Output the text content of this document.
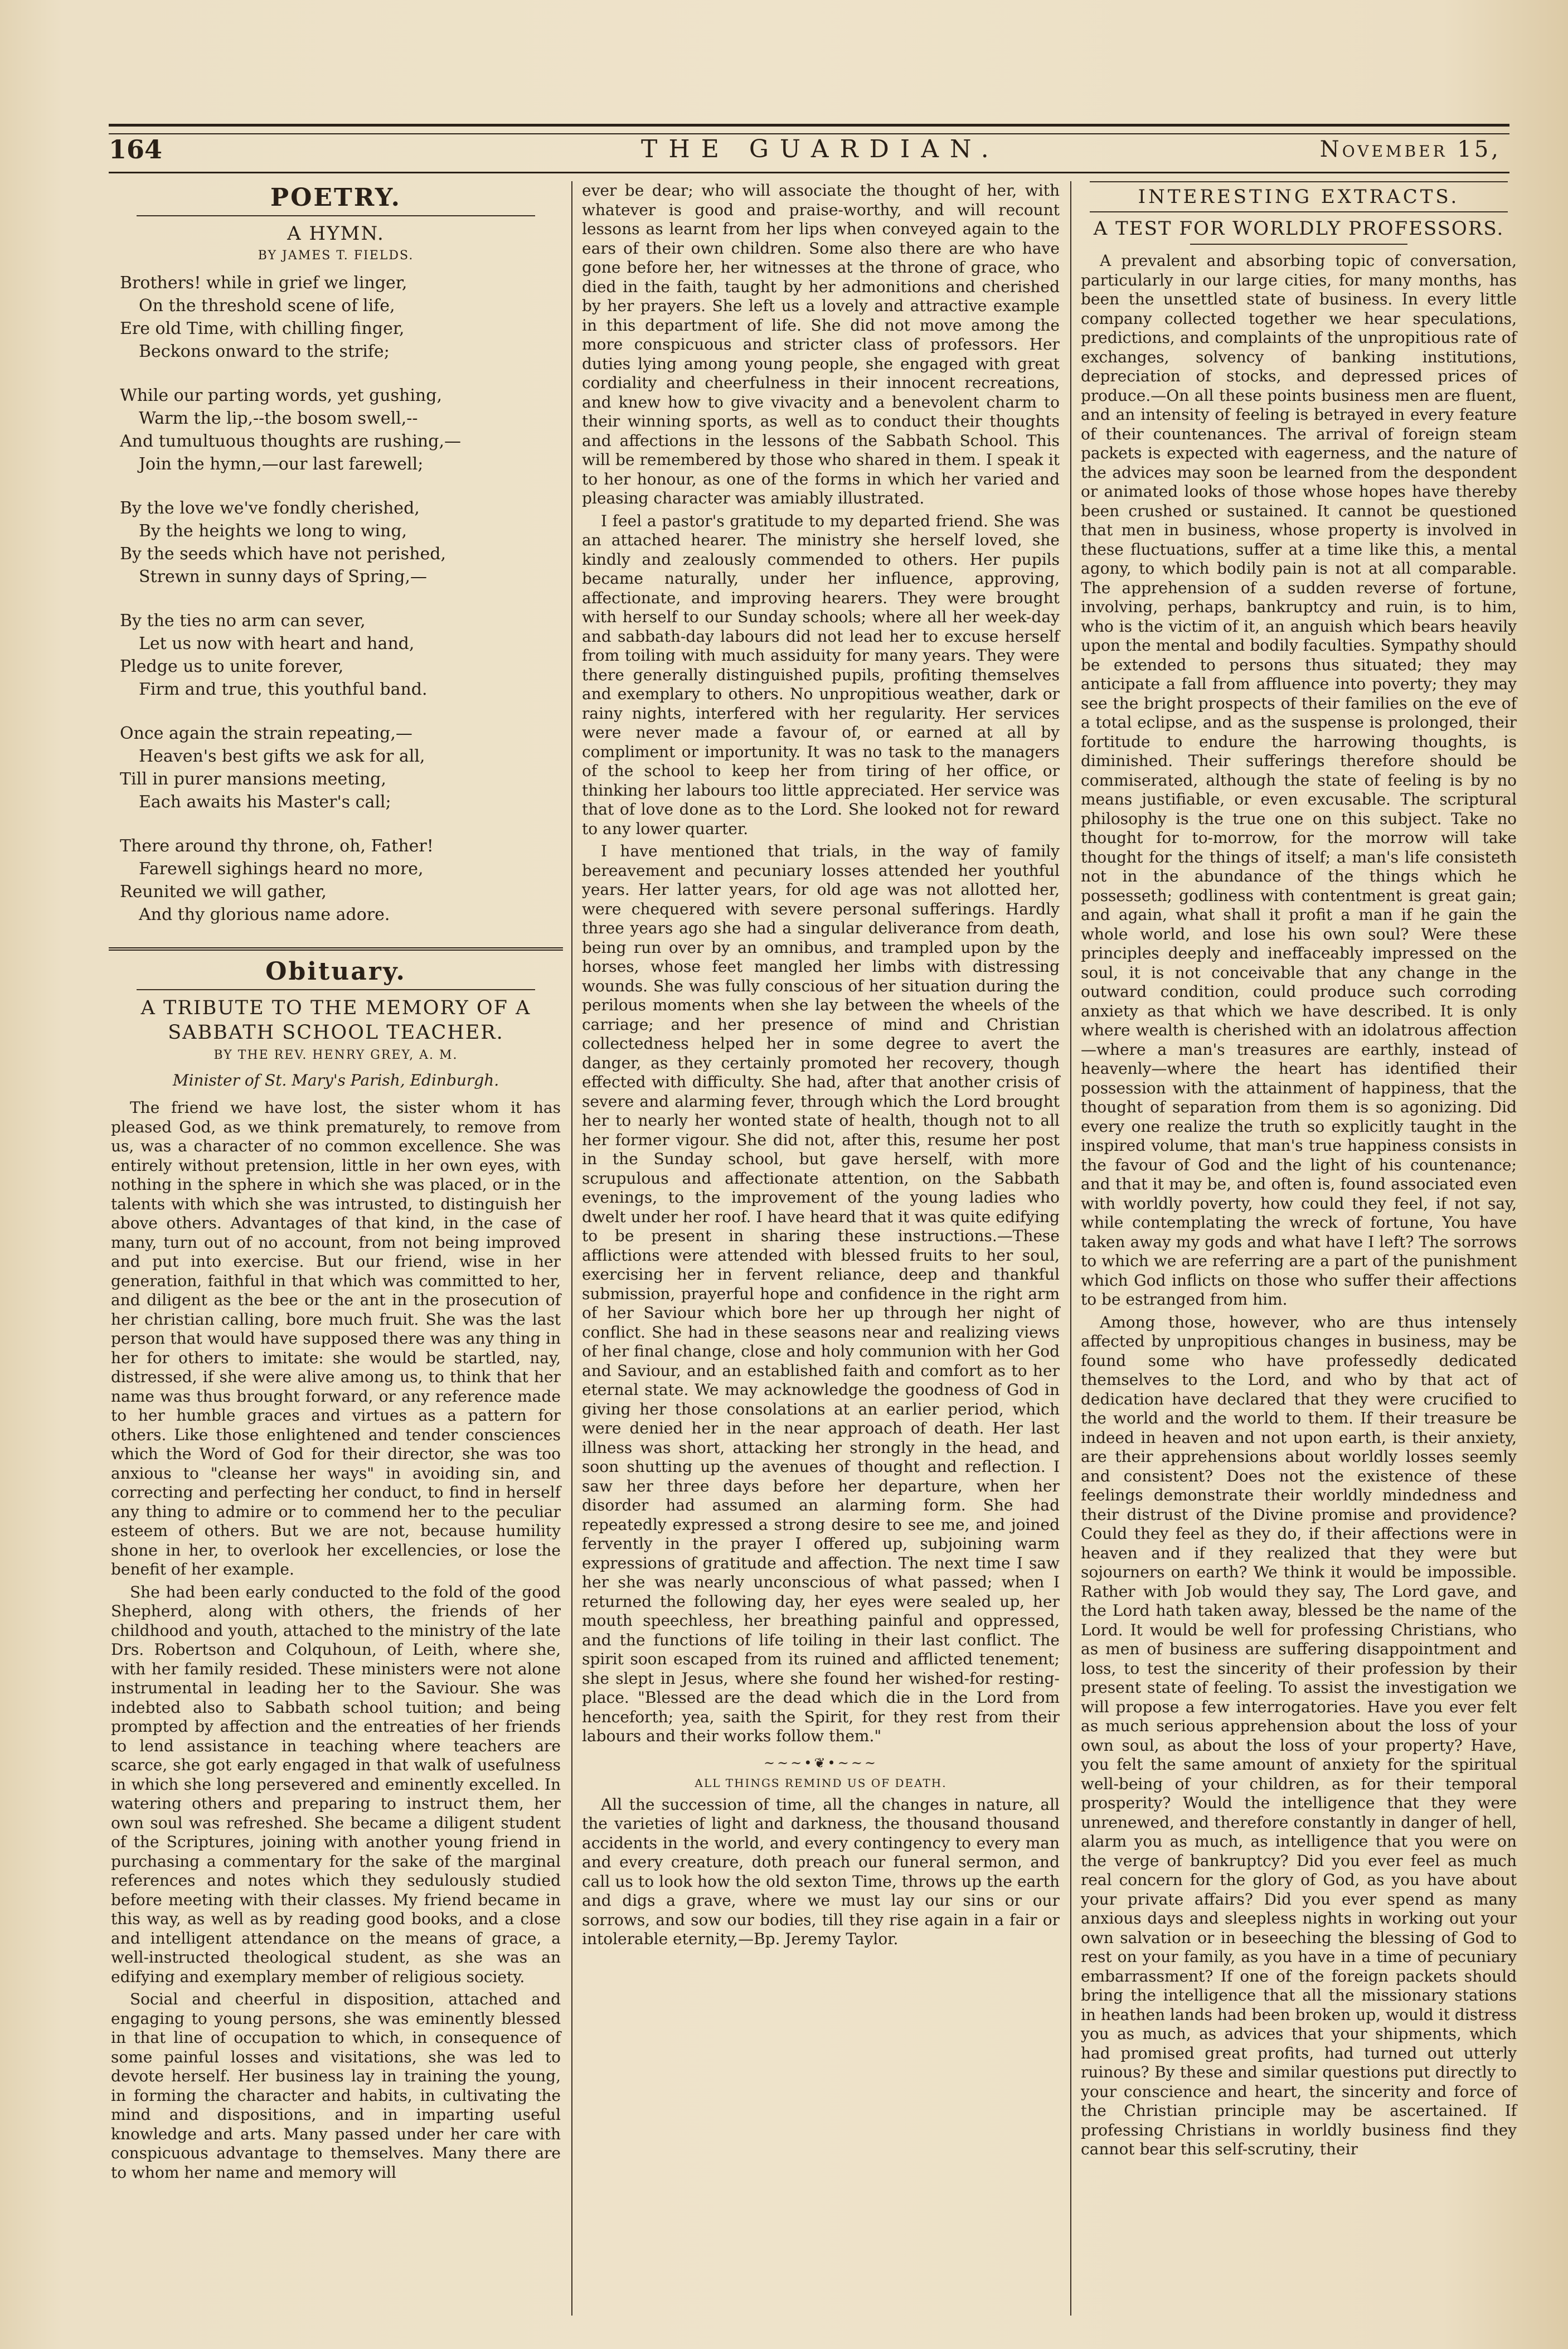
164	THE GUARDIAN.	November 15,
POETRY.
A HYMN.
BY JAMES T. FIELDS.

Brothers! while in grief we linger,

On the threshold scene of life,

Ere old Time, with chilling finger,

Beckons onward to the strife;

While our parting words, yet gushing,

Warm the lip,--the bosom swell,--

And tumultuous thoughts are rushing,—

Join the hymn,—our last farewell;

By the love we've fondly cherished,

By the heights we long to wing,

By the seeds which have not perished,

Strewn in sunny days of Spring,—

By the ties no arm can sever,

Let us now with heart and hand,

Pledge us to unite forever,

Firm and true, this youthful band.

Once again the strain repeating,—

Heaven's best gifts we ask for all,

Till in purer mansions meeting,

Each awaits his Master's call;

There around thy throne, oh, Father!

Farewell sighings heard no more,

Reunited we will gather,

And thy glorious name adore.

Obituary.
A TRIBUTE TO THE MEMORY OF A SABBATH SCHOOL TEACHER.
BY THE REV. HENRY GREY, A. M.
Minister of St. Mary's Parish, Edinburgh.

The friend we have lost, the sister whom it has pleased God, as we think prematurely, to remove from us, was a character of no common excellence. She was entirely without pretension, little in her own eyes, with nothing in the sphere in which she was placed, or in the talents with which she was intrusted, to distinguish her above others. Advantages of that kind, in the case of many, turn out of no account, from not being improved and put into exercise. But our friend, wise in her generation, faithful in that which was committed to her, and diligent as the bee or the ant in the prosecution of her christian calling, bore much fruit. She was the last person that would have supposed there was any thing in her for others to imitate: she would be startled, nay, distressed, if she were alive among us, to think that her name was thus brought forward, or any reference made to her humble graces and virtues as a pattern for others. Like those enlightened and tender consciences which the Word of God for their director, she was too anxious to "cleanse her ways" in avoiding sin, and correcting and perfecting her conduct, to find in herself any thing to admire or to commend her to the peculiar esteem of others. But we are not, because humility shone in her, to overlook her excellencies, or lose the benefit of her example.

She had been early conducted to the fold of the good Shepherd, along with others, the friends of her childhood and youth, attached to the ministry of the late Drs. Robertson and Colquhoun, of Leith, where she, with her family resided. These ministers were not alone instrumental in leading her to the Saviour. She was indebted also to Sabbath school tuition; and being prompted by affection and the entreaties of her friends to lend assistance in teaching where teachers are scarce, she got early engaged in that walk of usefulness in which she long persevered and eminently excelled. In watering others and preparing to instruct them, her own soul was refreshed. She became a diligent student of the Scriptures, joining with another young friend in purchasing a commentary for the sake of the marginal references and notes which they sedulously studied before meeting with their classes. My friend became in this way, as well as by reading good books, and a close and intelligent attendance on the means of grace, a well-instructed theological student, as she was an edifying and exemplary member of religious society.

Social and cheerful in disposition, attached and engaging to young persons, she was eminently blessed in that line of occupation to which, in consequence of some painful losses and visitations, she was led to devote herself. Her business lay in training the young, in forming the character and habits, in cultivating the mind and dispositions, and in imparting useful knowledge and arts. Many passed under her care with conspicuous advantage to themselves. Many there are to whom her name and memory will

ever be dear; who will associate the thought of her, with whatever is good and praise-worthy, and will recount lessons as learnt from her lips when conveyed again to the ears of their own children. Some also there are who have gone before her, her witnesses at the throne of grace, who died in the faith, taught by her admonitions and cherished by her prayers. She left us a lovely and attractive example in this department of life. She did not move among the more conspicuous and stricter class of professors. Her duties lying among young people, she engaged with great cordiality and cheerfulness in their innocent recreations, and knew how to give vivacity and a benevolent charm to their winning sports, as well as to conduct their thoughts and affections in the lessons of the Sabbath School. This will be remembered by those who shared in them. I speak it to her honour, as one of the forms in which her varied and pleasing character was amiably illustrated.

I feel a pastor's gratitude to my departed friend. She was an attached hearer. The ministry she herself loved, she kindly and zealously commended to others. Her pupils became naturally, under her influence, approving, affectionate, and improving hearers. They were brought with herself to our Sunday schools; where all her week-day and sabbath-day labours did not lead her to excuse herself from toiling with much assiduity for many years. They were there generally distinguished pupils, profiting themselves and exemplary to others. No unpropitious weather, dark or rainy nights, interfered with her regularity. Her services were never made a favour of, or earned at all by compliment or importunity. It was no task to the managers of the school to keep her from tiring of her office, or thinking her labours too little appreciated. Her service was that of love done as to the Lord. She looked not for reward to any lower quarter.

I have mentioned that trials, in the way of family bereavement and pecuniary losses attended her youthful years. Her latter years, for old age was not allotted her, were chequered with severe personal sufferings. Hardly three years ago she had a singular deliverance from death, being run over by an omnibus, and trampled upon by the horses, whose feet mangled her limbs with distressing wounds. She was fully conscious of her situation during the perilous moments when she lay between the wheels of the carriage; and her presence of mind and Christian collectedness helped her in some degree to avert the danger, as they certainly promoted her recovery, though effected with difficulty. She had, after that another crisis of severe and alarming fever, through which the Lord brought her to nearly her wonted state of health, though not to all her former vigour. She did not, after this, resume her post in the Sunday school, but gave herself, with more scrupulous and affectionate attention, on the Sabbath evenings, to the improvement of the young ladies who dwelt under her roof. I have heard that it was quite edifying to be present in sharing these instructions.—These afflictions were attended with blessed fruits to her soul, exercising her in fervent reliance, deep and thankful submission, prayerful hope and confidence in the right arm of her Saviour which bore her up through her night of conflict. She had in these seasons near and realizing views of her final change, close and holy communion with her God and Saviour, and an established faith and comfort as to her eternal state. We may acknowledge the goodness of God in giving her those consolations at an earlier period, which were denied her in the near approach of death. Her last illness was short, attacking her strongly in the head, and soon shutting up the avenues of thought and reflection. I saw her three days before her departure, when her disorder had assumed an alarming form. She had repeatedly expressed a strong desire to see me, and joined fervently in the prayer I offered up, subjoining warm expressions of gratitude and affection. The next time I saw her she was nearly unconscious of what passed; when I returned the following day, her eyes were sealed up, her mouth speechless, her breathing painful and oppressed, and the functions of life toiling in their last conflict. The spirit soon escaped from its ruined and afflicted tenement; she slept in Jesus, where she found her wished-for resting-place. "Blessed are the dead which die in the Lord from henceforth; yea, saith the Spirit, for they rest from their labours and their works follow them."

~~~•❦•~~~
ALL THINGS REMIND US OF DEATH.

All the succession of time, all the changes in nature, all the varieties of light and darkness, the thousand thousand accidents in the world, and every contingency to every man and every creature, doth preach our funeral sermon, and call us to look how the old sexton Time, throws up the earth and digs a grave, where we must lay our sins or our sorrows, and sow our bodies, till they rise again in a fair or intolerable eternity,—Bp. Jeremy Taylor.

INTERESTING EXTRACTS.
A TEST FOR WORLDLY PROFESSORS.

A prevalent and absorbing topic of conversation, particularly in our large cities, for many months, has been the unsettled state of business. In every little company collected together we hear speculations, predictions, and complaints of the unpropitious rate of exchanges, solvency of banking institutions, depreciation of stocks, and depressed prices of produce.—On all these points business men are fluent, and an intensity of feeling is betrayed in every feature of their countenances. The arrival of foreign steam packets is expected with eagerness, and the nature of the advices may soon be learned from the despondent or animated looks of those whose hopes have thereby been crushed or sustained. It cannot be questioned that men in business, whose property is involved in these fluctuations, suffer at a time like this, a mental agony, to which bodily pain is not at all comparable. The apprehension of a sudden reverse of fortune, involving, perhaps, bankruptcy and ruin, is to him, who is the victim of it, an anguish which bears heavily upon the mental and bodily faculties. Sympathy should be extended to persons thus situated; they may anticipate a fall from affluence into poverty; they may see the bright prospects of their families on the eve of a total eclipse, and as the suspense is prolonged, their fortitude to endure the harrowing thoughts, is diminished. Their sufferings therefore should be commiserated, although the state of feeling is by no means justifiable, or even excusable. The scriptural philosophy is the true one on this subject. Take no thought for to-morrow, for the morrow will take thought for the things of itself; a man's life consisteth not in the abundance of the things which he possesseth; godliness with contentment is great gain; and again, what shall it profit a man if he gain the whole world, and lose his own soul? Were these principles deeply and ineffaceably impressed on the soul, it is not conceivable that any change in the outward condition, could produce such corroding anxiety as that which we have described. It is only where wealth is cherished with an idolatrous affection—where a man's treasures are earthly, instead of heavenly—where the heart has identified their possession with the attainment of happiness, that the thought of separation from them is so agonizing. Did every one realize the truth so explicitly taught in the inspired volume, that man's true happiness consists in the favour of God and the light of his countenance; and that it may be, and often is, found associated even with worldly poverty, how could they feel, if not say, while contemplating the wreck of fortune, You have taken away my gods and what have I left? The sorrows to which we are referring are a part of the punishment which God inflicts on those who suffer their affections to be estranged from him.

Among those, however, who are thus intensely affected by unpropitious changes in business, may be found some who have professedly dedicated themselves to the Lord, and who by that act of dedication have declared that they were crucified to the world and the world to them. If their treasure be indeed in heaven and not upon earth, is their anxiety, are their apprehensions about worldly losses seemly and consistent? Does not the existence of these feelings demonstrate their worldly mindedness and their distrust of the Divine promise and providence? Could they feel as they do, if their affections were in heaven and if they realized that they were but sojourners on earth? We think it would be impossible. Rather with Job would they say, The Lord gave, and the Lord hath taken away, blessed be the name of the Lord. It would be well for professing Christians, who as men of business are suffering disappointment and loss, to test the sincerity of their profession by their present state of feeling. To assist the investigation we will propose a few interrogatories. Have you ever felt as much serious apprehension about the loss of your own soul, as about the loss of your property? Have, you felt the same amount of anxiety for the spiritual well-being of your children, as for their temporal prosperity? Would the intelligence that they were unrenewed, and therefore constantly in danger of hell, alarm you as much, as intelligence that you were on the verge of bankruptcy? Did you ever feel as much real concern for the glory of God, as you have about your private affairs? Did you ever spend as many anxious days and sleepless nights in working out your own salvation or in beseeching the blessing of God to rest on your family, as you have in a time of pecuniary embarrassment? If one of the foreign packets should bring the intelligence that all the missionary stations in heathen lands had been broken up, would it distress you as much, as advices that your shipments, which had promised great profits, had turned out utterly ruinous? By these and similar questions put directly to your conscience and heart, the sincerity and force of the Christian principle may be ascertained. If professing Christians in worldly business find they cannot bear this self-scrutiny, their
